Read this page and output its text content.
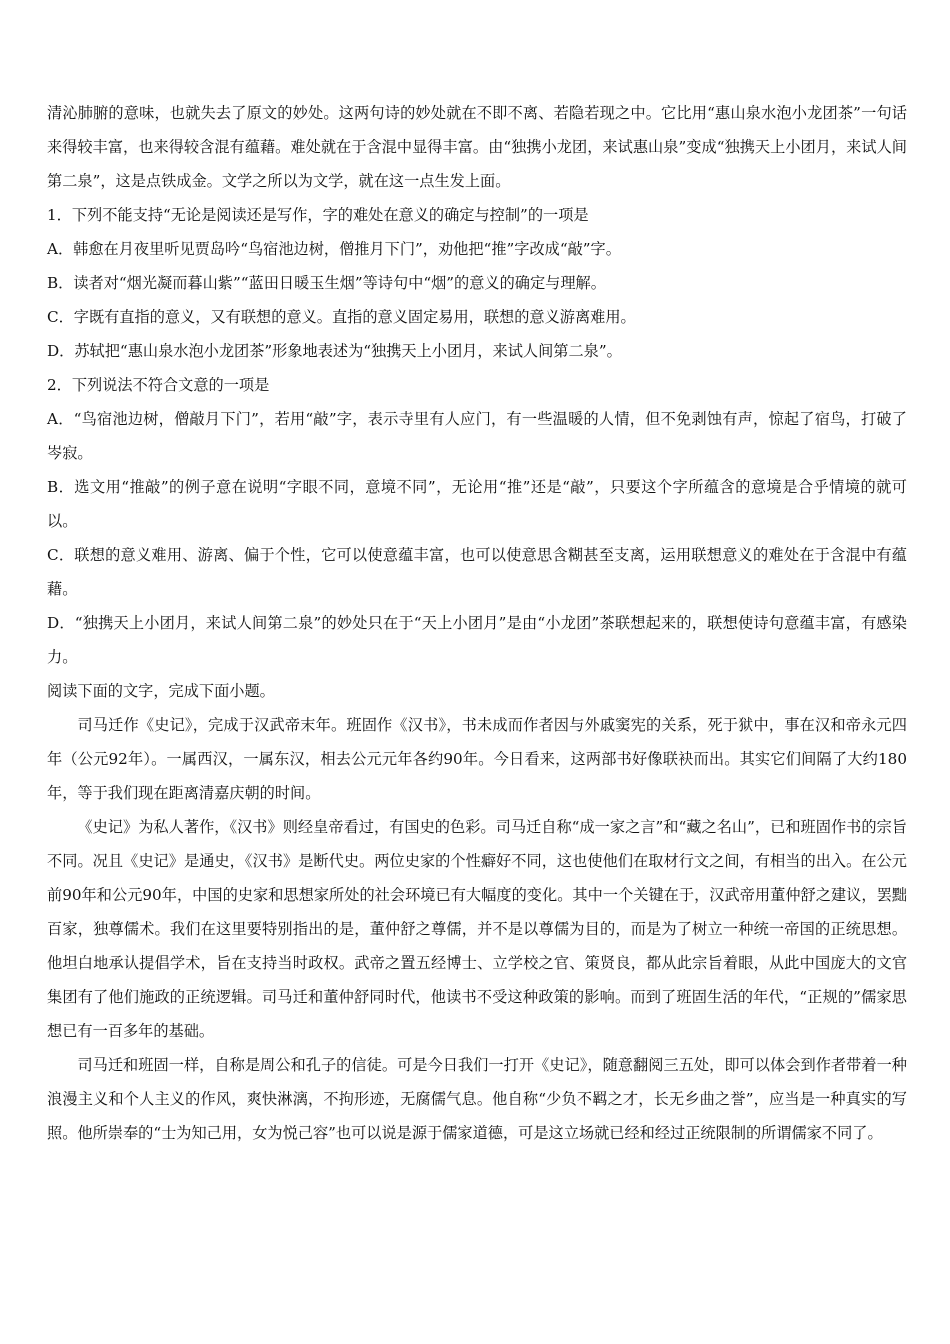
清沁肺腑的意味，也就失去了原文的妙处。这两句诗的妙处就在不即不离、若隐若现之中。它比用“惠山泉水泡小龙团茶”一句话来得较丰富，也来得较含混有蕴藉。难处就在于含混中显得丰富。由“独携小龙团，来试惠山泉”变成“独携天上小团月，来试人间第二泉”，这是点铁成金。文学之所以为文学，就在这一点生发上面。

1．下列不能支持“无论是阅读还是写作，字的难处在意义的确定与控制”的一项是

A．韩愈在月夜里听见贾岛吟“鸟宿池边树，僧推月下门”，劝他把“推”字改成“敲”字。

B．读者对“烟光凝而暮山紫”“蓝田日暖玉生烟”等诗句中“烟”的意义的确定与理解。

C．字既有直指的意义，又有联想的意义。直指的意义固定易用，联想的意义游离难用。

D．苏轼把“惠山泉水泡小龙团茶”形象地表述为“独携天上小团月，来试人间第二泉”。

2．下列说法不符合文意的一项是

A．“鸟宿池边树，僧敲月下门”，若用“敲”字，表示寺里有人应门，有一些温暖的人情，但不免剥蚀有声，惊起了宿鸟，打破了岑寂。

B．选文用“推敲”的例子意在说明“字眼不同，意境不同”，无论用“推”还是“敲”，只要这个字所蕴含的意境是合乎情境的就可以。

C．联想的意义难用、游离、偏于个性，它可以使意蕴丰富，也可以使意思含糊甚至支离，运用联想意义的难处在于含混中有蕴藉。

D．“独携天上小团月，来试人间第二泉”的妙处只在于“天上小团月”是由“小龙团”茶联想起来的，联想使诗句意蕴丰富，有感染力。

阅读下面的文字，完成下面小题。

司马迁作《史记》，完成于汉武帝末年。班固作《汉书》，书未成而作者因与外戚窦宪的关系，死于狱中，事在汉和帝永元四年（公元92年）。一属西汉，一属东汉，相去公元元年各约90年。今日看来，这两部书好像联袂而出。其实它们间隔了大约180年，等于我们现在距离清嘉庆朝的时间。

《史记》为私人著作，《汉书》则经皇帝看过，有国史的色彩。司马迁自称“成一家之言”和“藏之名山”，已和班固作书的宗旨不同。况且《史记》是通史，《汉书》是断代史。两位史家的个性癖好不同，这也使他们在取材行文之间，有相当的出入。在公元前90年和公元90年，中国的史家和思想家所处的社会环境已有大幅度的变化。其中一个关键在于，汉武帝用董仲舒之建议，罢黜百家，独尊儒术。我们在这里要特别指出的是，董仲舒之尊儒，并不是以尊儒为目的，而是为了树立一种统一帝国的正统思想。他坦白地承认提倡学术，旨在支持当时政权。武帝之置五经博士、立学校之官、策贤良，都从此宗旨着眼，从此中国庞大的文官集团有了他们施政的正统逻辑。司马迁和董仲舒同时代，他读书不受这种政策的影响。而到了班固生活的年代，“正规的”儒家思想已有一百多年的基础。

司马迁和班固一样，自称是周公和孔子的信徒。可是今日我们一打开《史记》，随意翻阅三五处，即可以体会到作者带着一种浪漫主义和个人主义的作风，爽快淋漓，不拘形迹，无腐儒气息。他自称“少负不羁之才，长无乡曲之誉”，应当是一种真实的写照。他所崇奉的“士为知己用，女为悦己容”也可以说是源于儒家道德，可是这立场就已经和经过正统限制的所谓儒家不同了。
